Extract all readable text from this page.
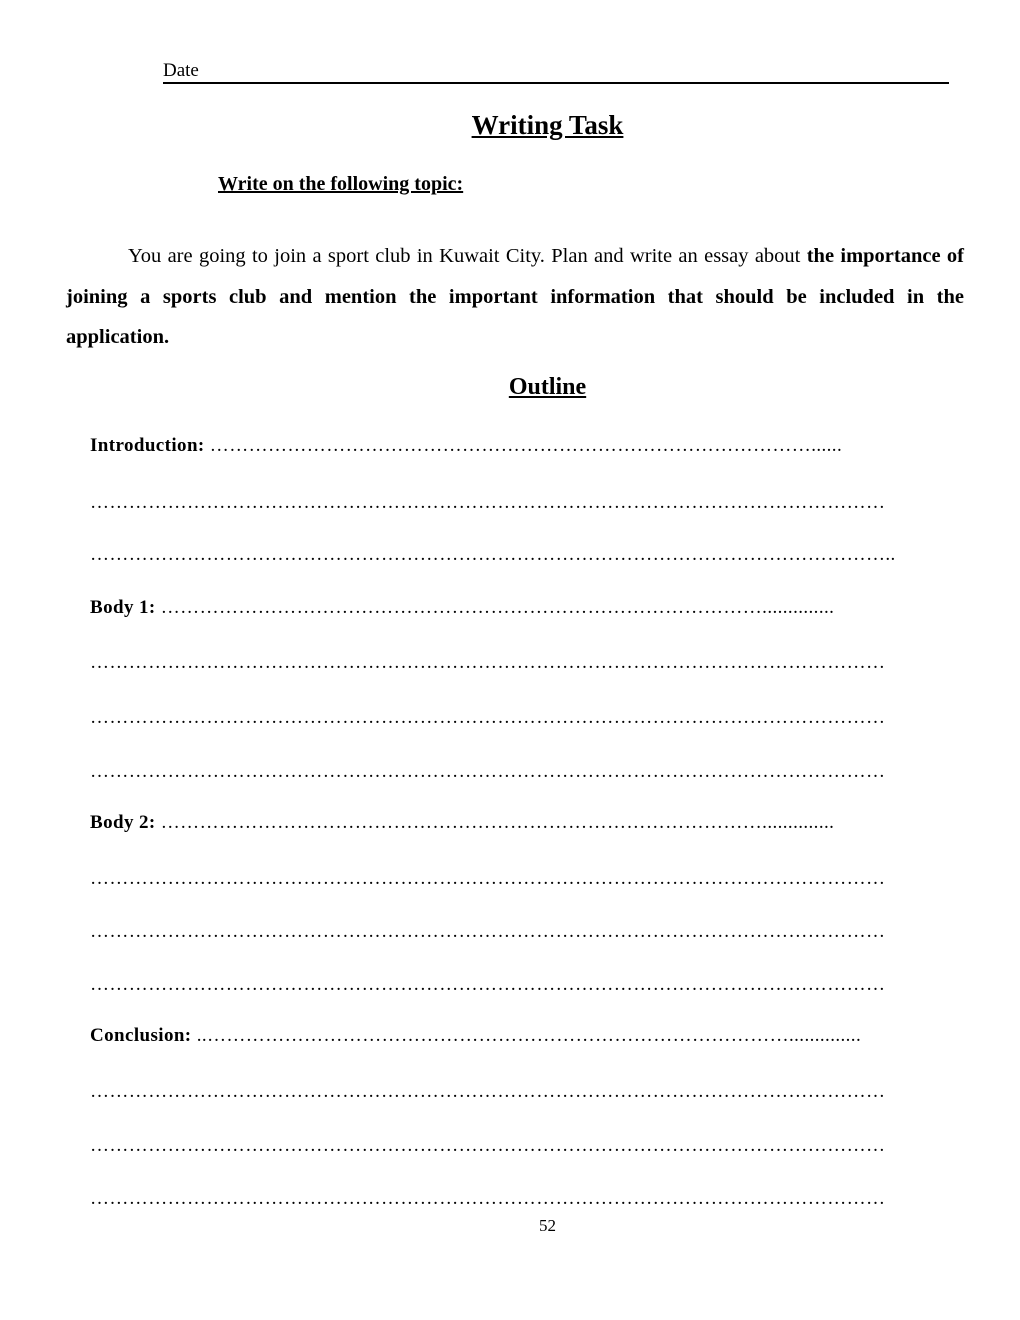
Date
Writing Task
Write on the following topic:
You are going to join a sport club in Kuwait City. Plan and write an essay about the importance of joining a sports club and mention the important information that should be included in the application.
Outline
Introduction: …………………………………………………………………………………......
……………………………………………………………………………………………………………
……………………………………………………………………………………………………………..
Body 1: …………………………………………………………………………………..............
……………………………………………………………………………………………………………
……………………………………………………………………………………………………………
……………………………………………………………………………………………………………
Body 2: …………………………………………………………………………………..............
……………………………………………………………………………………………………………
……………………………………………………………………………………………………………
……………………………………………………………………………………………………………
Conclusion: ..………………………………………………………………………………..............
……………………………………………………………………………………………………………
……………………………………………………………………………………………………………
……………………………………………………………………………………………………………
52
